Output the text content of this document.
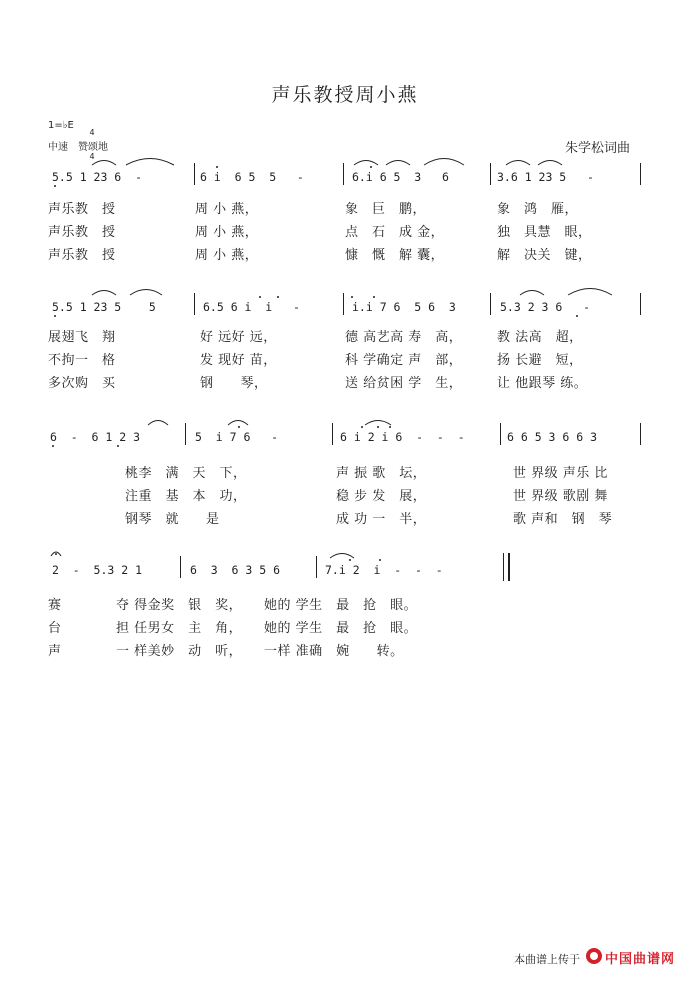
声乐教授周小燕
1=♭E

4

4

中速　赞颂地	朱学松词曲
5.5 1 23 6  -	6 i  6 5  5   -	6.i 6 5  3   6	3.6 1 23 5   -
声乐教　授	周 小 燕，	象　巨　鹏，	象　鸿　雁，
声乐教　授	周 小 燕，	点　石　成 金，	独　具慧　眼，
声乐教　授	周 小 燕，	慷　慨　解 囊，	解　决关　键，
5.5 1 23 5    5	6.5 6 i  i   -	i.i 7 6  5 6  3	5.3 2 3 6   -
展翅飞　翔	好 远好 远，	德 高艺高 寿　高，	教 法高　超，
不拘一　格	发 现好 苗，	科 学确定 声　部，	扬 长避　短，
多次购　买	钢　　琴，	送 给贫困 学　生，	让 他跟琴 练。
6  -  6 1 2 3	5  i 7 6   -	6 i 2 i 6  -  -  -	6 6 5 3 6 6 3
桃李　满　天　下，	声 振 歌　坛，	世 界级 声乐 比
注重　基　本　功，	稳 步 发　展，	世 界级 歌剧 舞
钢琴　就　　是	成 功 一　半，	歌 声和　钢　琴
2  -  5.3 2 1	6  3  6 3 5 6	7.i 2  i  -  -  -
赛	夺 得金奖　银　奖， 她的 学生　最　抢　眼。
台	担 任男女　主　角， 她的 学生　最　抢　眼。
声	一 样美妙　动　听， 一样 准确　婉　　转。
本曲谱上传于

中国曲谱网
